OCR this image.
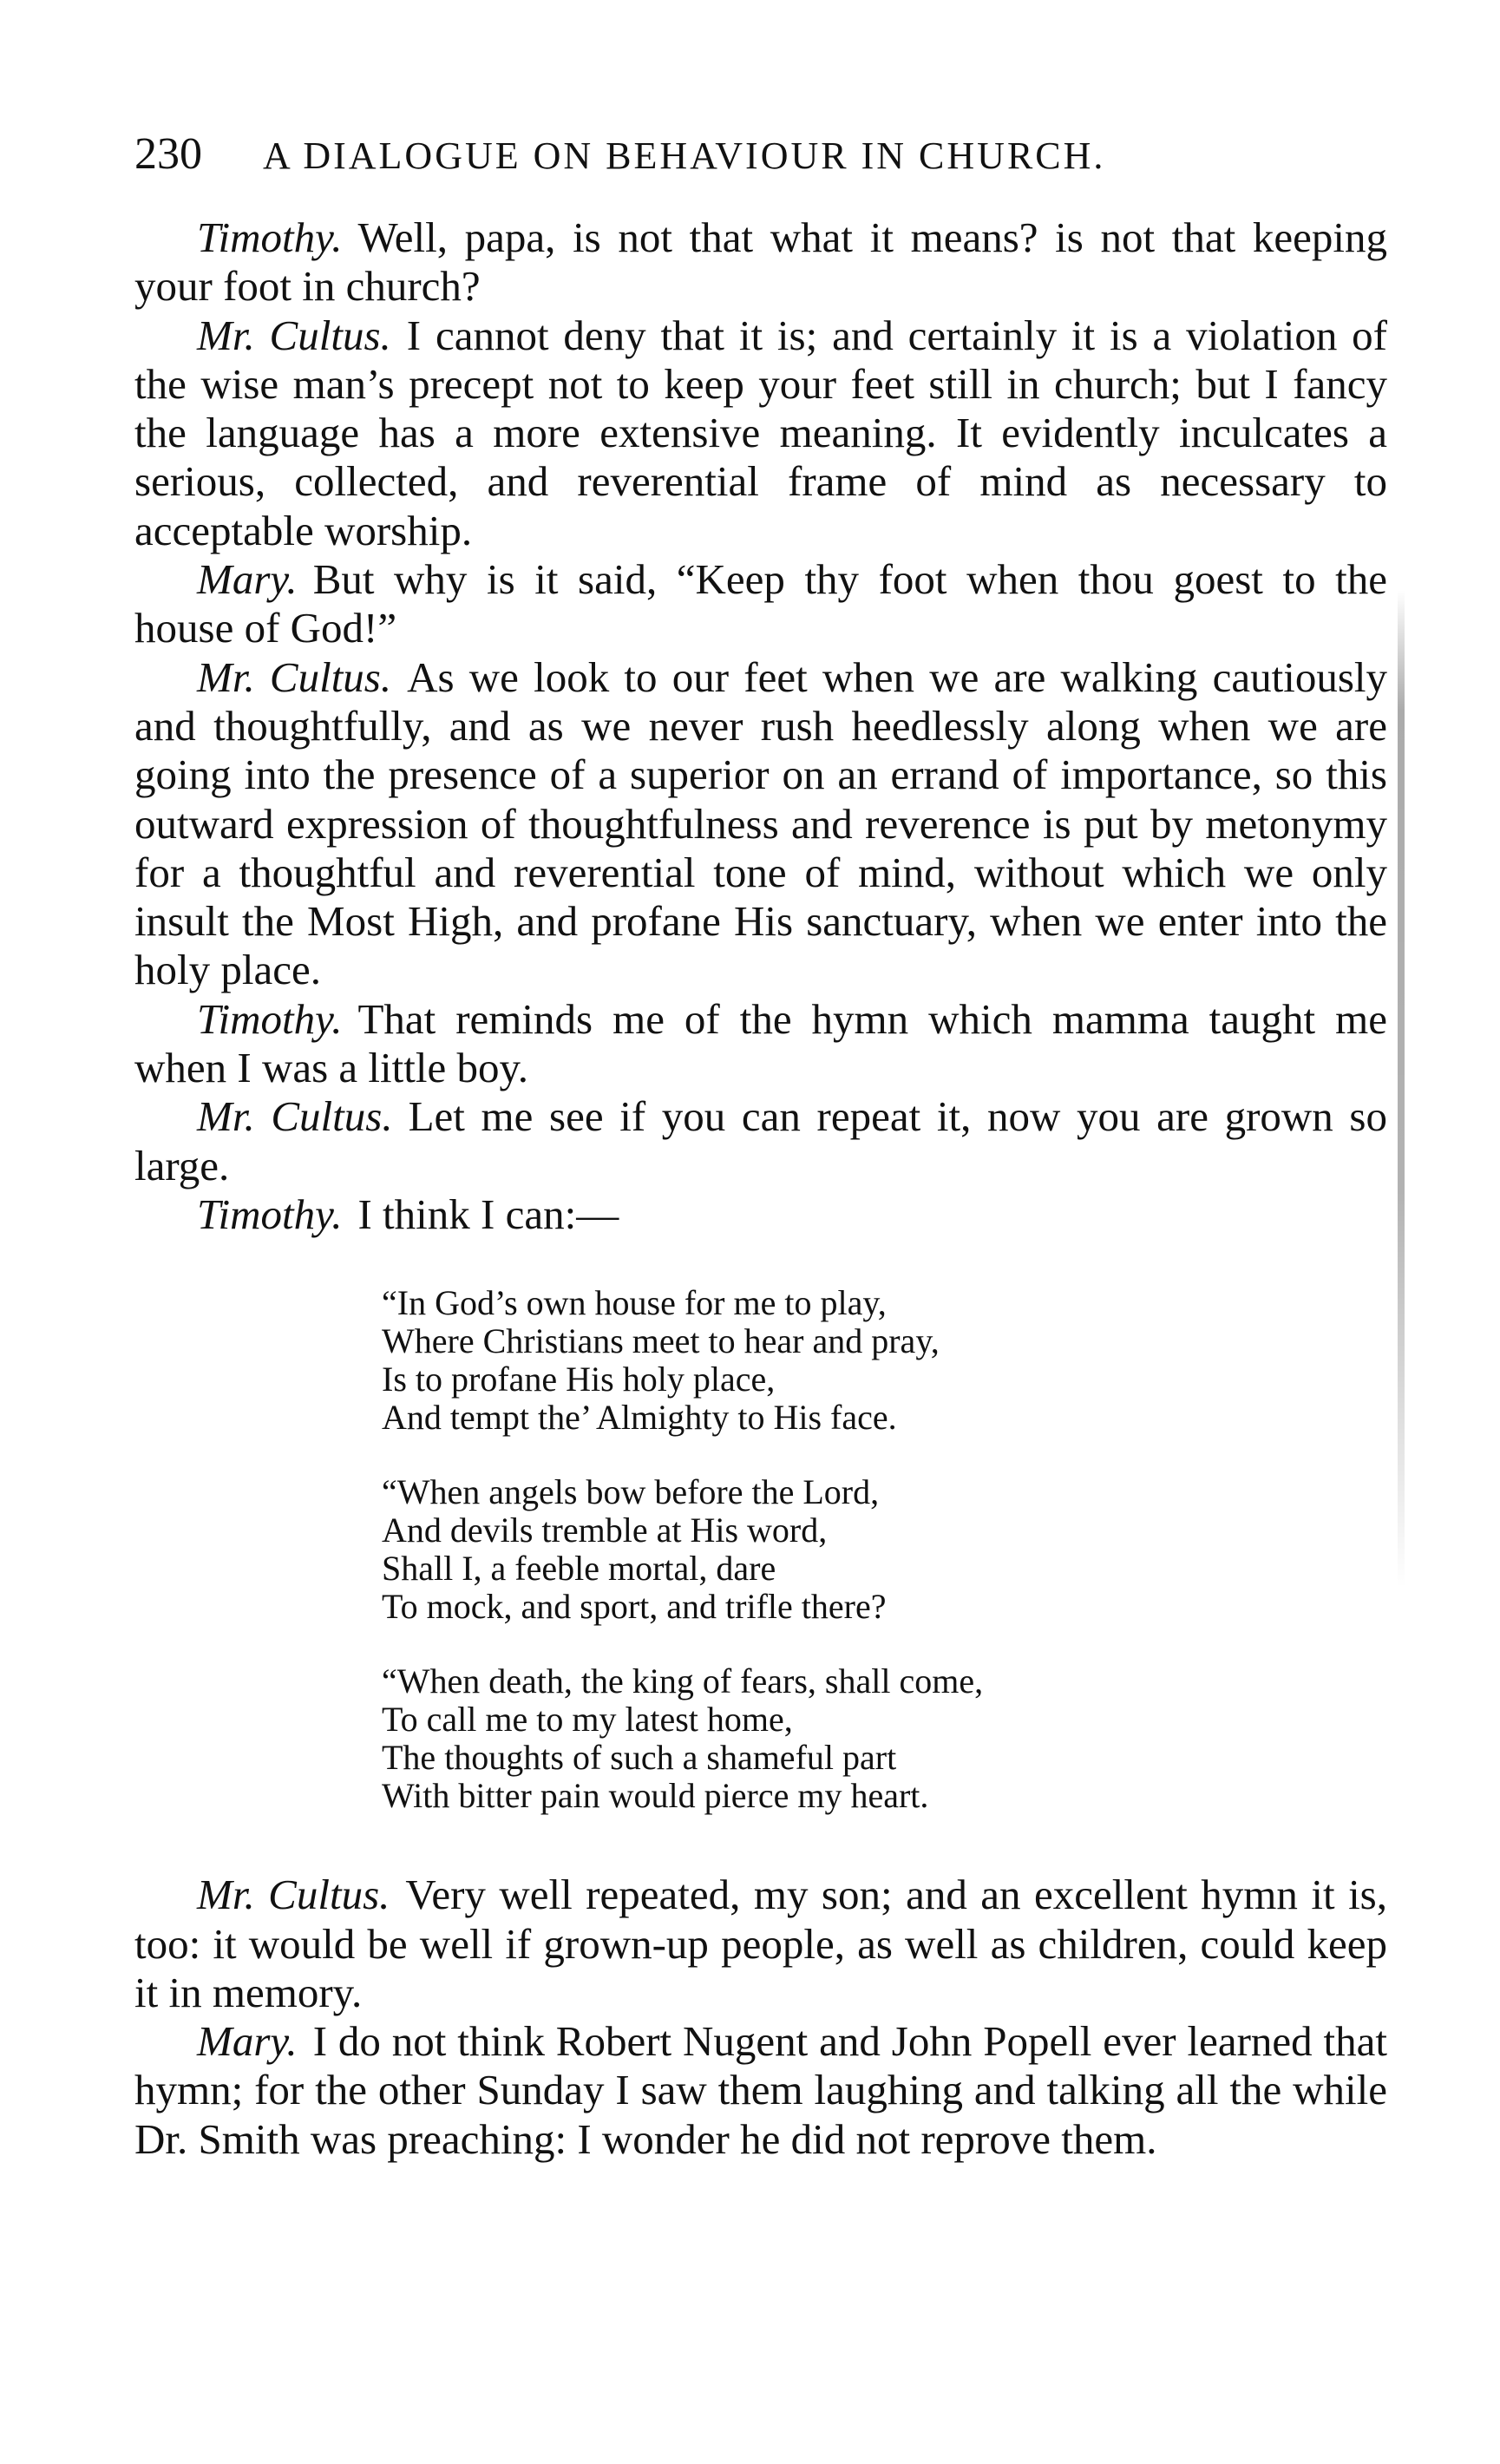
230 A DIALOGUE ON BEHAVIOUR IN CHURCH.

Timothy. Well, papa, is not that what it means? is not that keeping your foot in church?

Mr. Cultus. I cannot deny that it is; and certainly it is a violation of the wise man’s precept not to keep your feet still in church; but I fancy the language has a more extensive meaning. It evidently inculcates a serious, collected, and reverential frame of mind as necessary to acceptable worship.

Mary. But why is it said, “Keep thy foot when thou goest to the house of God!”

Mr. Cultus. As we look to our feet when we are walking cautiously and thoughtfully, and as we never rush heedlessly along when we are going into the presence of a superior on an errand of importance, so this outward expression of thoughtfulness and reverence is put by metonymy for a thoughtful and reverential tone of mind, without which we only insult the Most High, and profane His sanctuary, when we enter into the holy place.

Timothy. That reminds me of the hymn which mamma taught me when I was a little boy.

Mr. Cultus. Let me see if you can repeat it, now you are grown so large.

Timothy. I think I can:—

“In God’s own house for me to play,
Where Christians meet to hear and pray,
Is to profane His holy place,
And tempt the’ Almighty to His face.
“When angels bow before the Lord,
And devils tremble at His word,
Shall I, a feeble mortal, dare
To mock, and sport, and trifle there?
“When death, the king of fears, shall come,
To call me to my latest home,
The thoughts of such a shameful part
With bitter pain would pierce my heart.

Mr. Cultus. Very well repeated, my son; and an excellent hymn it is, too: it would be well if grown-up people, as well as children, could keep it in memory.

Mary. I do not think Robert Nugent and John Popell ever learned that hymn; for the other Sunday I saw them laughing and talking all the while Dr. Smith was preaching: I wonder he did not reprove them.
